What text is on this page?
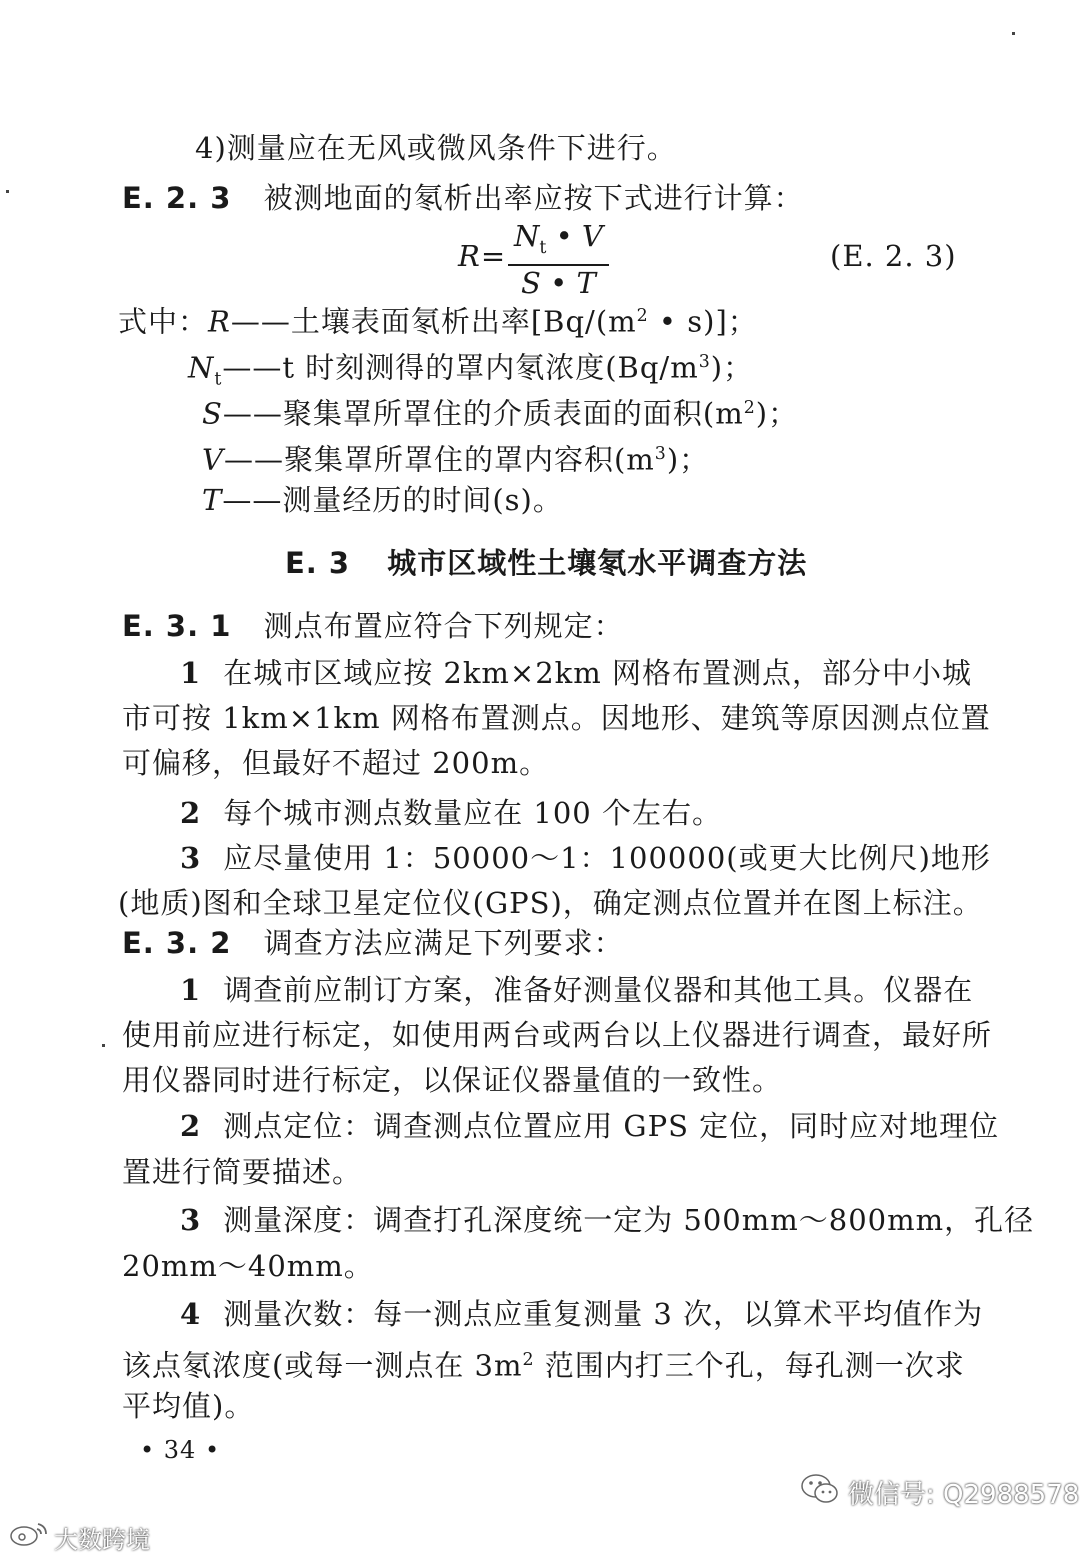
4)测量应在无风或微风条件下进行。
E. 2. 3 被测地面的氡析出率应按下式进行计算：
R=
$N_t$ • V
S • T
(E. 2. 3)
式中：R——土壤表面氡析出率[$Bq/(m^2$ • s)]；
$N_t——t$ 时刻测得的罩内氡浓度$(Bq/m^3)$；
S——聚集罩所罩住的介质表面的面积$(m^2)$；
V——聚集罩所罩住的罩内容积$(m^3)$；
T——测量经历的时间(s)。
E. 3 城市区域性土壤氡水平调查方法
E. 3. 1 测点布置应符合下列规定：
1 在城市区域应按 2km×2km 网格布置测点，部分中小城
市可按 1km×1km 网格布置测点。因地形、建筑等原因测点位置
可偏移，但最好不超过 200m。
2 每个城市测点数量应在 100 个左右。
3 应尽量使用 1：50000～1：100000(或更大比例尺)地形
(地质)图和全球卫星定位仪(GPS)，确定测点位置并在图上标注。
E. 3. 2 调查方法应满足下列要求：
1 调查前应制订方案，准备好测量仪器和其他工具。仪器在
使用前应进行标定，如使用两台或两台以上仪器进行调查，最好所
用仪器同时进行标定，以保证仪器量值的一致性。
2 测点定位：调查测点位置应用 GPS 定位，同时应对地理位
置进行简要描述。
3 测量深度：调查打孔深度统一定为 500mm～800mm，孔径
20mm～40mm。
4 测量次数：每一测点应重复测量 3 次，以算术平均值作为
该点氡浓度(或每一测点在 $3m^2$ 范围内打三个孔，每孔测一次求
平均值)。
• 34 •
微信号: Q2988578
大数跨境
